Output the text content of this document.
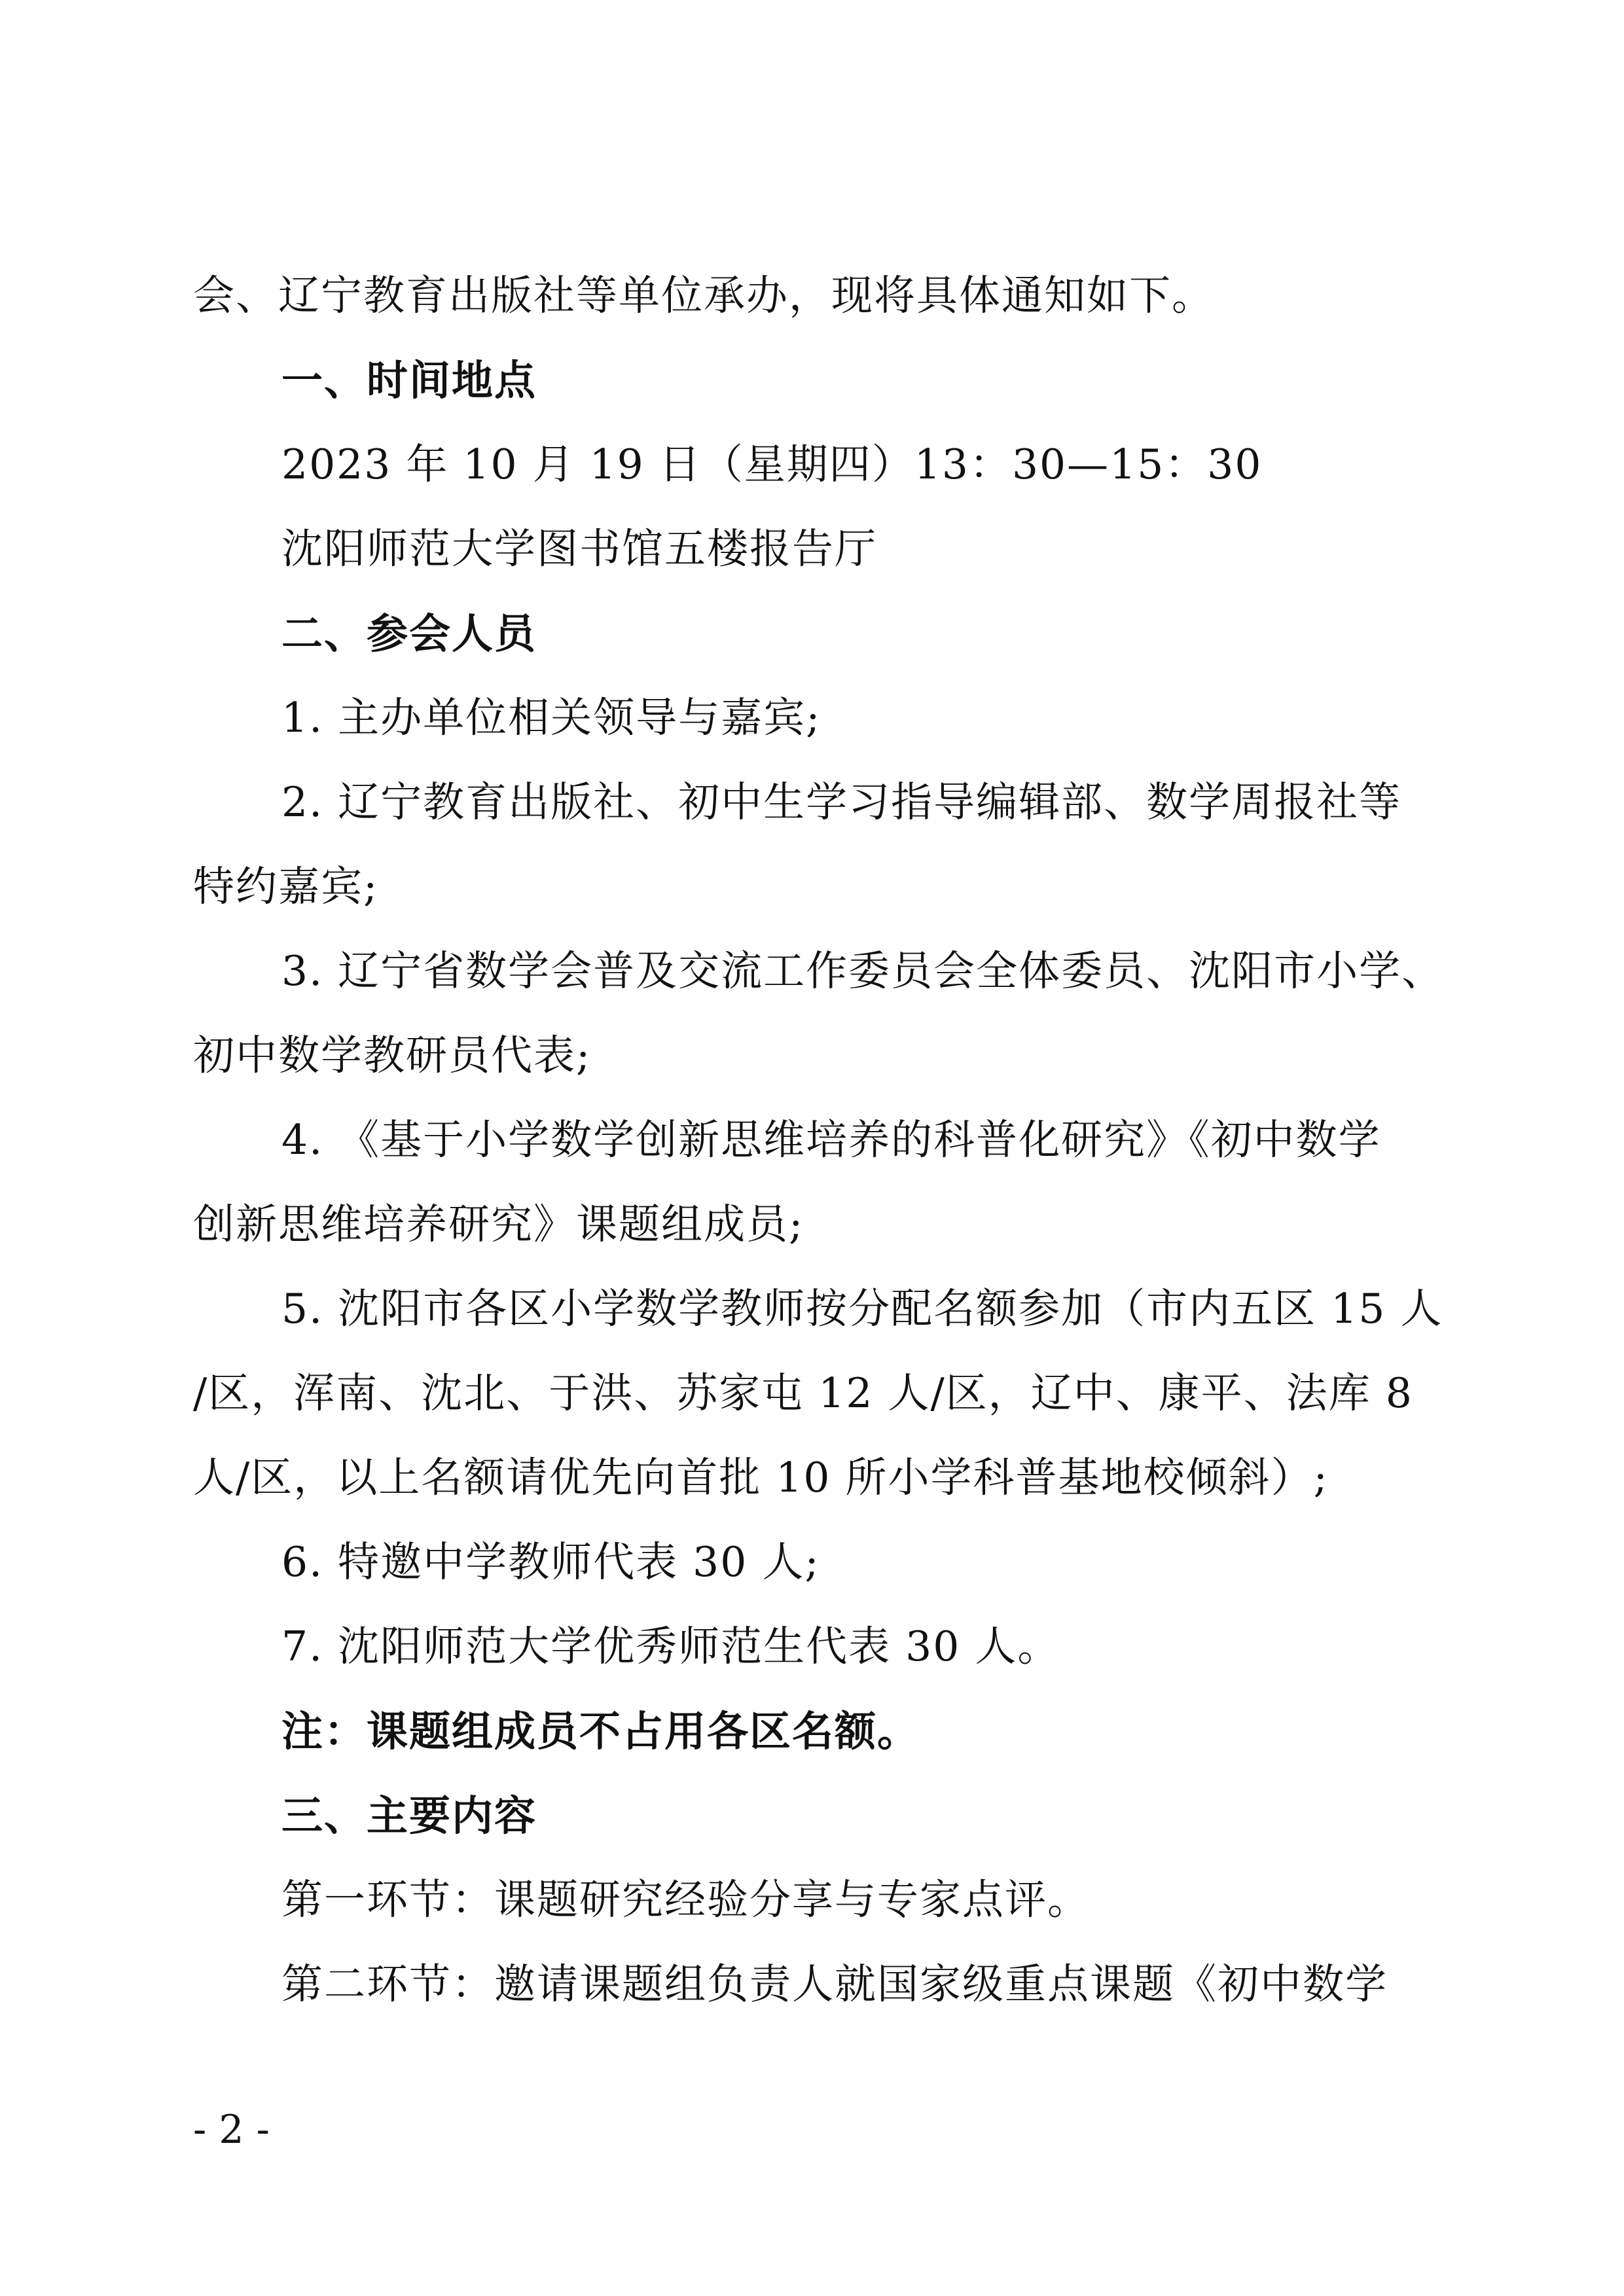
会、辽宁教育出版社等单位承办，现将具体通知如下。
一、时间地点
2023 年 10 月 19 日（星期四）13：30—15：30
沈阳师范大学图书馆五楼报告厅
二、参会人员
1. 主办单位相关领导与嘉宾;
2. 辽宁教育出版社、初中生学习指导编辑部、数学周报社等
特约嘉宾;
3. 辽宁省数学会普及交流工作委员会全体委员、沈阳市小学、
初中数学教研员代表;
4. 《基于小学数学创新思维培养的科普化研究》《初中数学
创新思维培养研究》课题组成员;
5. 沈阳市各区小学数学教师按分配名额参加（市内五区 15 人
/区，浑南、沈北、于洪、苏家屯 12 人/区，辽中、康平、法库 8
人/区，以上名额请优先向首批 10 所小学科普基地校倾斜）;
6. 特邀中学教师代表 30 人;
7. 沈阳师范大学优秀师范生代表 30 人。
注：课题组成员不占用各区名额。
三、主要内容
第一环节：课题研究经验分享与专家点评。
第二环节：邀请课题组负责人就国家级重点课题《初中数学
- 2 -
